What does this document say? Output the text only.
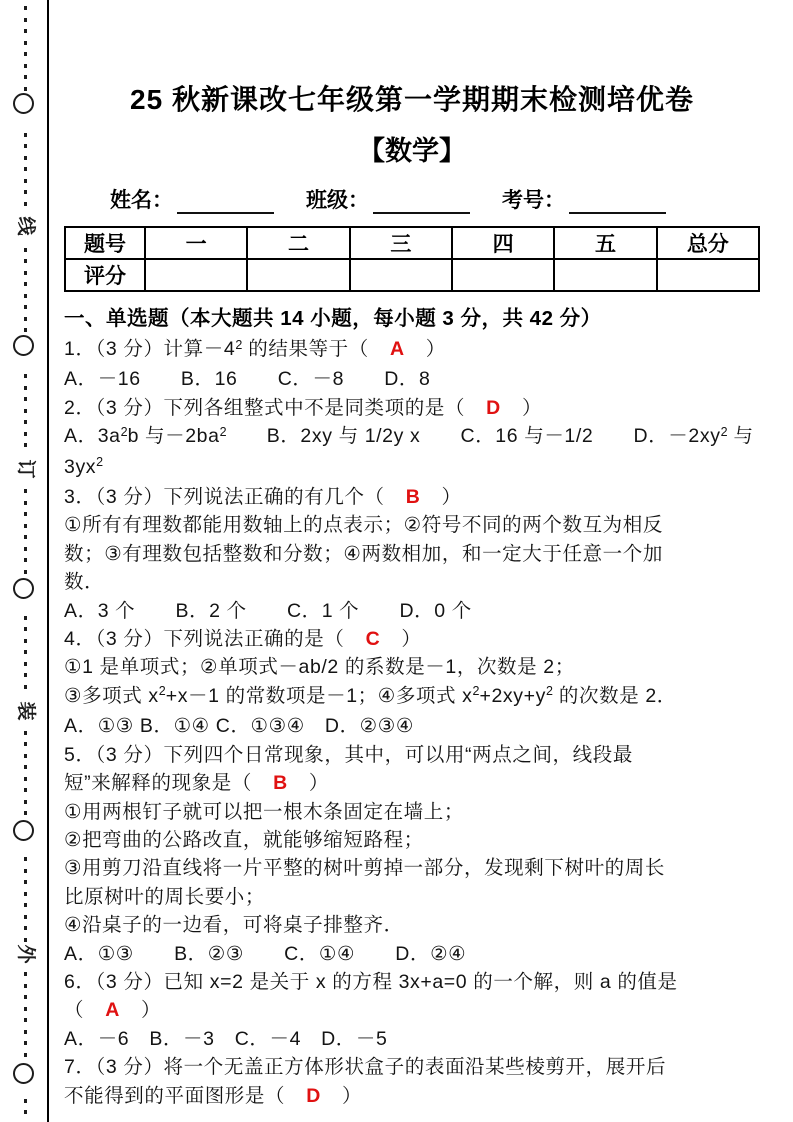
线
订
装
外
25 秋新课改七年级第一学期期末检测培优卷
【数学】
姓名：	班级：	考号：
题号	一	二	三	四	五	总分
评分						
一、单选题（本大题共 14 小题，每小题 3 分，共 42 分）
1．（3 分）计算$-4^2$ 的结果等于（　A　）
A．－16　　B．16　　C．－8　　D．8
2．（3 分）下列各组整式中不是同类项的是（　D　）
A．$3a^2b$ 与$-2ba^2$　　B．2xy 与 1/2y x　　C．16 与－1/2　　D．$-2xy^2$ 与
$3yx^2$
3．（3 分）下列说法正确的有几个（　B　）
①所有有理数都能用数轴上的点表示；②符号不同的两个数互为相反
数；③有理数包括整数和分数；④两数相加，和一定大于任意一个加
数．
A．3 个　　B．2 个　　C．1 个　　D．0 个
4．（3 分）下列说法正确的是（　C　）
①1 是单项式；②单项式－ab/2 的系数是－1，次数是 2；
③多项式 $x^2+x-1$ 的常数项是－1；④多项式 $x^2+2xy+y^2$ 的次数是 2．
A．①③ B．①④ C．①③④　D．②③④
5．（3 分）下列四个日常现象，其中，可以用“两点之间，线段最
短”来解释的现象是（　B　）
①用两根钉子就可以把一根木条固定在墙上；
②把弯曲的公路改直，就能够缩短路程；
③用剪刀沿直线将一片平整的树叶剪掉一部分，发现剩下树叶的周长
比原树叶的周长要小；
④沿桌子的一边看，可将桌子排整齐．
A．①③　　B．②③　　C．①④　　D．②④
6．（3 分）已知 x=2 是关于 x 的方程 3x+a=0 的一个解，则 a 的值是
（　A　）
A．－6　B．－3　C．－4　D．－5
7．（3 分）将一个无盖正方体形状盒子的表面沿某些棱剪开，展开后
不能得到的平面图形是（　D　）
